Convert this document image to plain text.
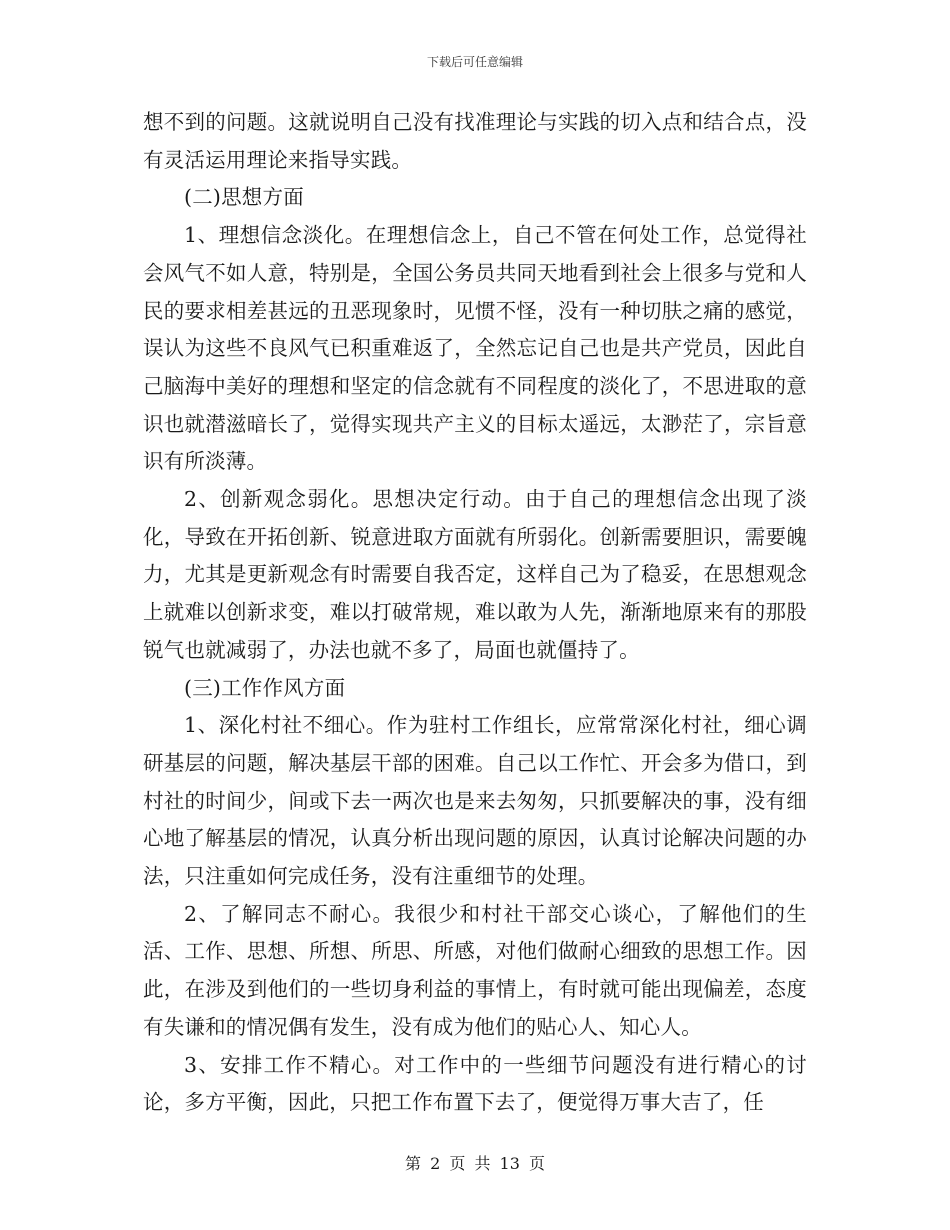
下载后可任意编辑

想不到的问题。这就说明自己没有找准理论与实践的切入点和结合点，没有灵活运用理论来指导实践。

(二)思想方面

1、理想信念淡化。在理想信念上，自己不管在何处工作，总觉得社会风气不如人意，特别是，全国公务员共同天地看到社会上很多与党和人民的要求相差甚远的丑恶现象时，见惯不怪，没有一种切肤之痛的感觉，误认为这些不良风气已积重难返了，全然忘记自己也是共产党员，因此自己脑海中美好的理想和坚定的信念就有不同程度的淡化了，不思进取的意识也就潜滋暗长了，觉得实现共产主义的目标太遥远，太渺茫了，宗旨意识有所淡薄。

2、创新观念弱化。思想决定行动。由于自己的理想信念出现了淡化，导致在开拓创新、锐意进取方面就有所弱化。创新需要胆识，需要魄力，尤其是更新观念有时需要自我否定，这样自己为了稳妥，在思想观念上就难以创新求变，难以打破常规，难以敢为人先，渐渐地原来有的那股锐气也就减弱了，办法也就不多了，局面也就僵持了。

(三)工作作风方面

1、深化村社不细心。作为驻村工作组长，应常常深化村社，细心调研基层的问题，解决基层干部的困难。自己以工作忙、开会多为借口，到村社的时间少，间或下去一两次也是来去匆匆，只抓要解决的事，没有细心地了解基层的情况，认真分析出现问题的原因，认真讨论解决问题的办法，只注重如何完成任务，没有注重细节的处理。

2、了解同志不耐心。我很少和村社干部交心谈心，了解他们的生活、工作、思想、所想、所思、所感，对他们做耐心细致的思想工作。因此，在涉及到他们的一些切身利益的事情上，有时就可能出现偏差，态度有失谦和的情况偶有发生，没有成为他们的贴心人、知心人。

3、安排工作不精心。对工作中的一些细节问题没有进行精心的讨论，多方平衡，因此，只把工作布置下去了，便觉得万事大吉了，任

第 2 页 共 13 页
